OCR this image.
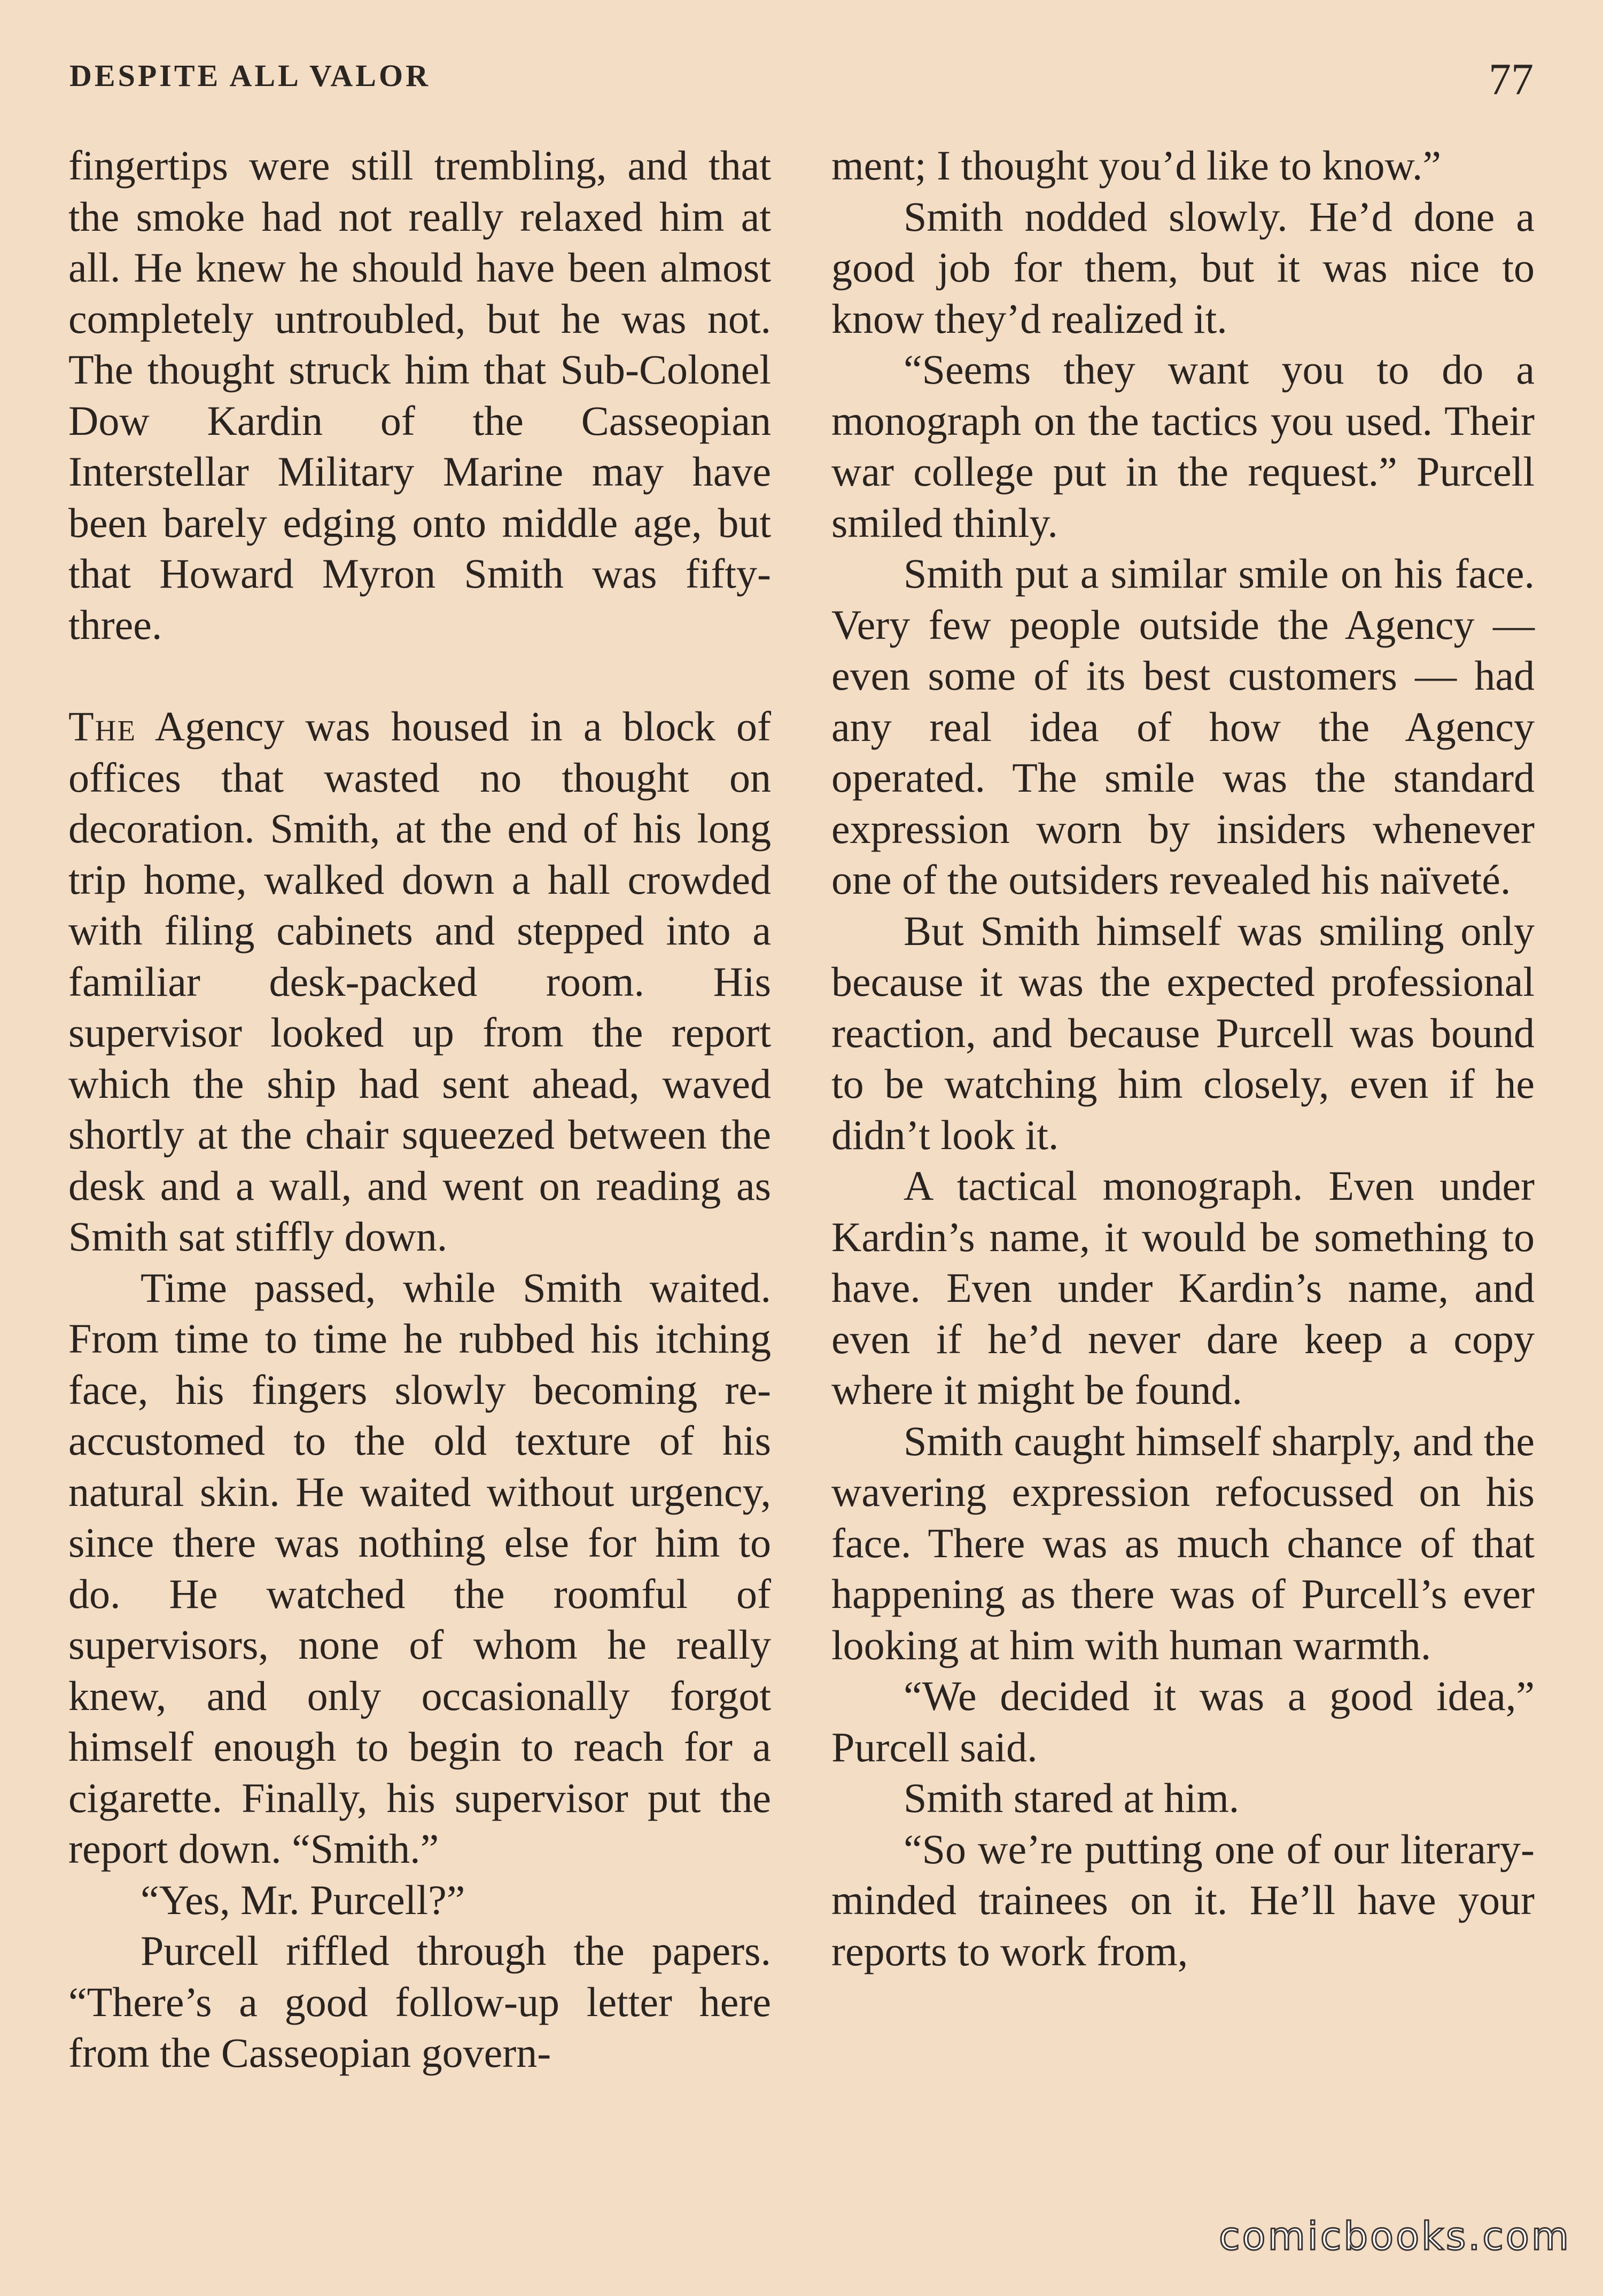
DESPITE ALL VALOR	77

fingertips were still trembling, and that the smoke had not really relaxed him at all. He knew he should have been almost completely untroubled, but he was not. The thought struck him that Sub-Colonel Dow Kardin of the Casseopian Interstellar Military Marine may have been barely edging onto middle age, but that Howard Myron Smith was fifty-three.

The Agency was housed in a block of offices that wasted no thought on decoration. Smith, at the end of his long trip home, walked down a hall crowded with filing cabinets and stepped into a familiar desk-packed room. His supervisor looked up from the report which the ship had sent ahead, waved shortly at the chair squeezed between the desk and a wall, and went on reading as Smith sat stiffly down.

Time passed, while Smith waited. From time to time he rubbed his itching face, his fingers slowly becoming re-accustomed to the old texture of his natural skin. He waited without urgency, since there was nothing else for him to do. He watched the roomful of supervisors, none of whom he really knew, and only occasionally forgot himself enough to begin to reach for a cigarette. Finally, his supervisor put the report down. “Smith.”

“Yes, Mr. Purcell?”

Purcell riffled through the papers. “There’s a good follow-up letter here from the Casseopian govern-

ment; I thought you’d like to know.”

Smith nodded slowly. He’d done a good job for them, but it was nice to know they’d realized it.

“Seems they want you to do a monograph on the tactics you used. Their war college put in the request.” Purcell smiled thinly.

Smith put a similar smile on his face. Very few people outside the Agency — even some of its best customers — had any real idea of how the Agency operated. The smile was the standard expression worn by insiders whenever one of the outsiders revealed his naïveté.

But Smith himself was smiling only because it was the expected professional reaction, and because Purcell was bound to be watching him closely, even if he didn’t look it.

A tactical monograph. Even under Kardin’s name, it would be something to have. Even under Kardin’s name, and even if he’d never dare keep a copy where it might be found.

Smith caught himself sharply, and the wavering expression refocussed on his face. There was as much chance of that happening as there was of Purcell’s ever looking at him with human warmth.

“We decided it was a good idea,” Purcell said.

Smith stared at him.

“So we’re putting one of our literary-minded trainees on it. He’ll have your reports to work from,

comicbooks.com
